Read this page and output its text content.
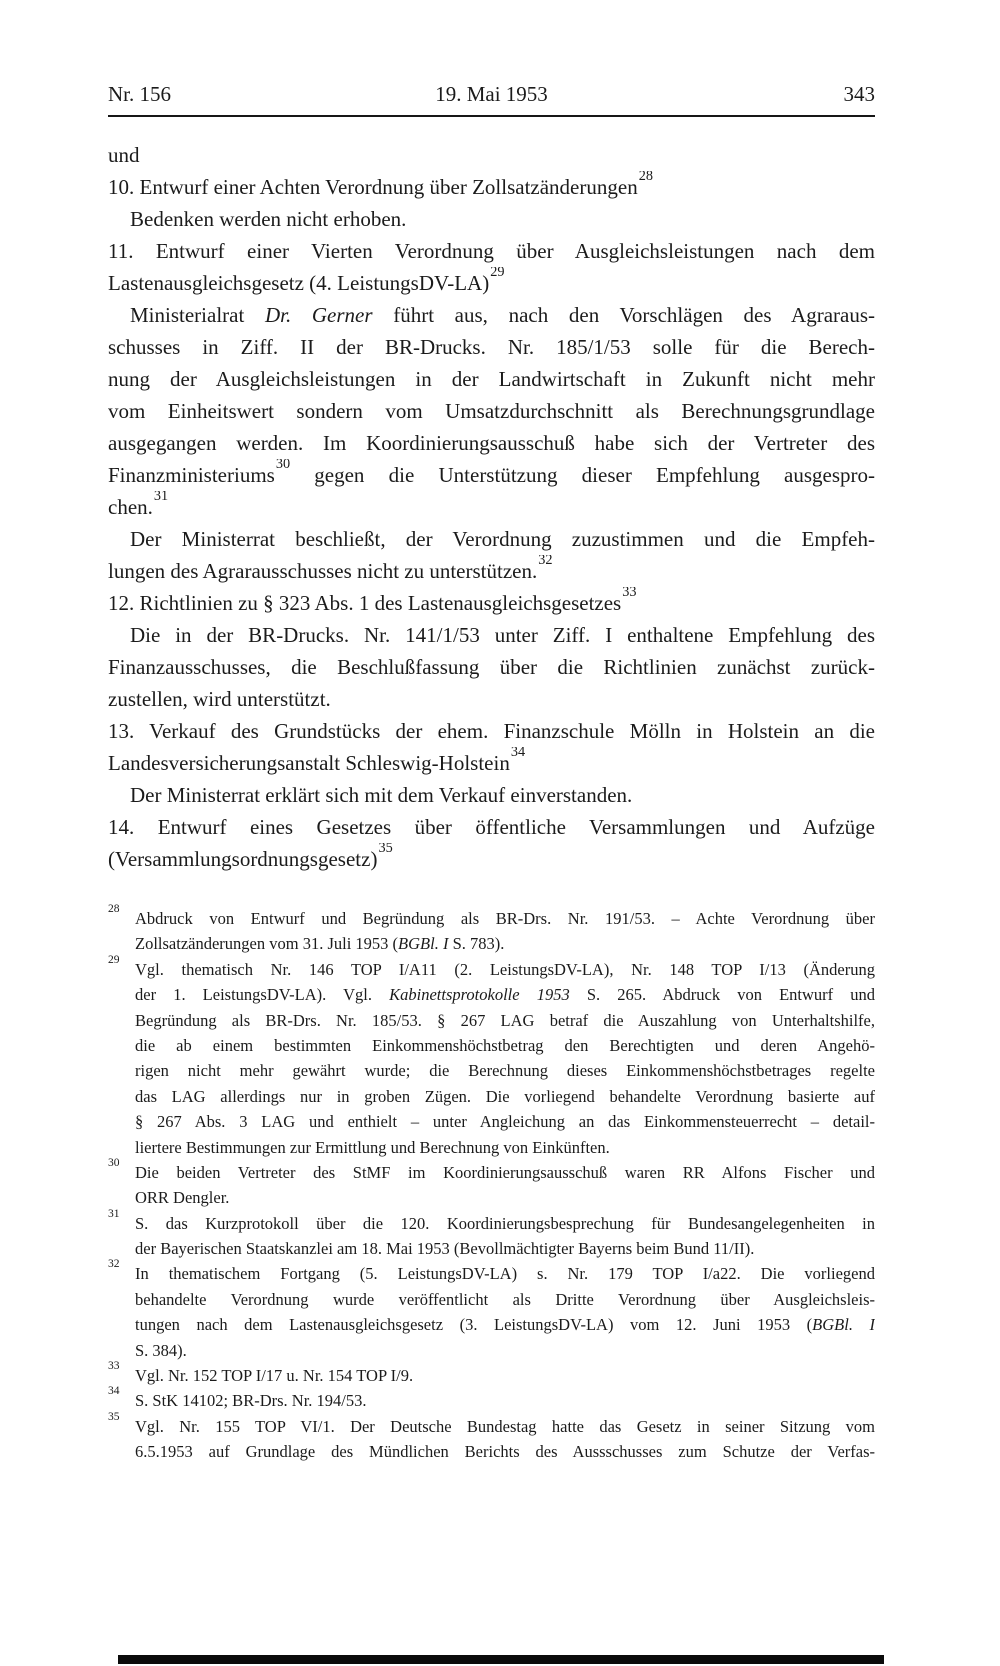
Nr. 156	19. Mai 1953	343
und
10. Entwurf einer Achten Verordnung über Zollsatzänderungen$^{28}$
Bedenken werden nicht erhoben.
11. Entwurf einer Vierten Verordnung über Ausgleichsleistungen nach dem
Lastenausgleichsgesetz (4. LeistungsDV-LA)$^{29}$
Ministerialrat Dr. Gerner führt aus, nach den Vorschlägen des Agraraus-
schusses in Ziff. II der BR-Drucks. Nr. 185/1/53 solle für die Berech-
nung der Ausgleichsleistungen in der Landwirtschaft in Zukunft nicht mehr
vom Einheitswert sondern vom Umsatzdurchschnitt als Berechnungsgrundlage
ausgegangen werden. Im Koordinierungsausschuß habe sich der Vertreter des
Finanzministeriums$^{30}$ gegen die Unterstützung dieser Empfehlung ausgespro-
chen.$^{31}$
Der Ministerrat beschließt, der Verordnung zuzustimmen und die Empfeh-
lungen des Agrarausschusses nicht zu unterstützen.$^{32}$
12. Richtlinien zu § 323 Abs. 1 des Lastenausgleichsgesetzes$^{33}$
Die in der BR-Drucks. Nr. 141/1/53 unter Ziff. I enthaltene Empfehlung des
Finanzausschusses, die Beschlußfassung über die Richtlinien zunächst zurück-
zustellen, wird unterstützt.
13. Verkauf des Grundstücks der ehem. Finanzschule Mölln in Holstein an die
Landesversicherungsanstalt Schleswig-Holstein$^{34}$
Der Ministerrat erklärt sich mit dem Verkauf einverstanden.
14. Entwurf eines Gesetzes über öffentliche Versammlungen und Aufzüge
(Versammlungsordnungsgesetz)$^{35}$
28 Abdruck von Entwurf und Begründung als BR-Drs. Nr. 191/53. – Achte Verordnung über
Zollsatzänderungen vom 31. Juli 1953 (BGBl. I S. 783).
29 Vgl. thematisch Nr. 146 TOP I/A11 (2. LeistungsDV-LA), Nr. 148 TOP I/13 (Änderung
der 1. LeistungsDV-LA). Vgl. Kabinettsprotokolle 1953 S. 265. Abdruck von Entwurf und
Begründung als BR-Drs. Nr. 185/53. § 267 LAG betraf die Auszahlung von Unterhaltshilfe,
die ab einem bestimmten Einkommenshöchstbetrag den Berechtigten und deren Angehö-
rigen nicht mehr gewährt wurde; die Berechnung dieses Einkommenshöchstbetrages regelte
das LAG allerdings nur in groben Zügen. Die vorliegend behandelte Verordnung basierte auf
§ 267 Abs. 3 LAG und enthielt – unter Angleichung an das Einkommensteuerrecht – detail-
liertere Bestimmungen zur Ermittlung und Berechnung von Einkünften.
30 Die beiden Vertreter des StMF im Koordinierungsausschuß waren RR Alfons Fischer und
ORR Dengler.
31 S. das Kurzprotokoll über die 120. Koordinierungsbesprechung für Bundesangelegenheiten in
der Bayerischen Staatskanzlei am 18. Mai 1953 (Bevollmächtigter Bayerns beim Bund 11/II).
32 In thematischem Fortgang (5. LeistungsDV-LA) s. Nr. 179 TOP I/a22. Die vorliegend
behandelte Verordnung wurde veröffentlicht als Dritte Verordnung über Ausgleichsleis-
tungen nach dem Lastenausgleichsgesetz (3. LeistungsDV-LA) vom 12. Juni 1953 (BGBl. I
S. 384).
33 Vgl. Nr. 152 TOP I/17 u. Nr. 154 TOP I/9.
34 S. StK 14102; BR-Drs. Nr. 194/53.
35 Vgl. Nr. 155 TOP VI/1. Der Deutsche Bundestag hatte das Gesetz in seiner Sitzung vom
6.5.1953 auf Grundlage des Mündlichen Berichts des Aussschusses zum Schutze der Verfas-
